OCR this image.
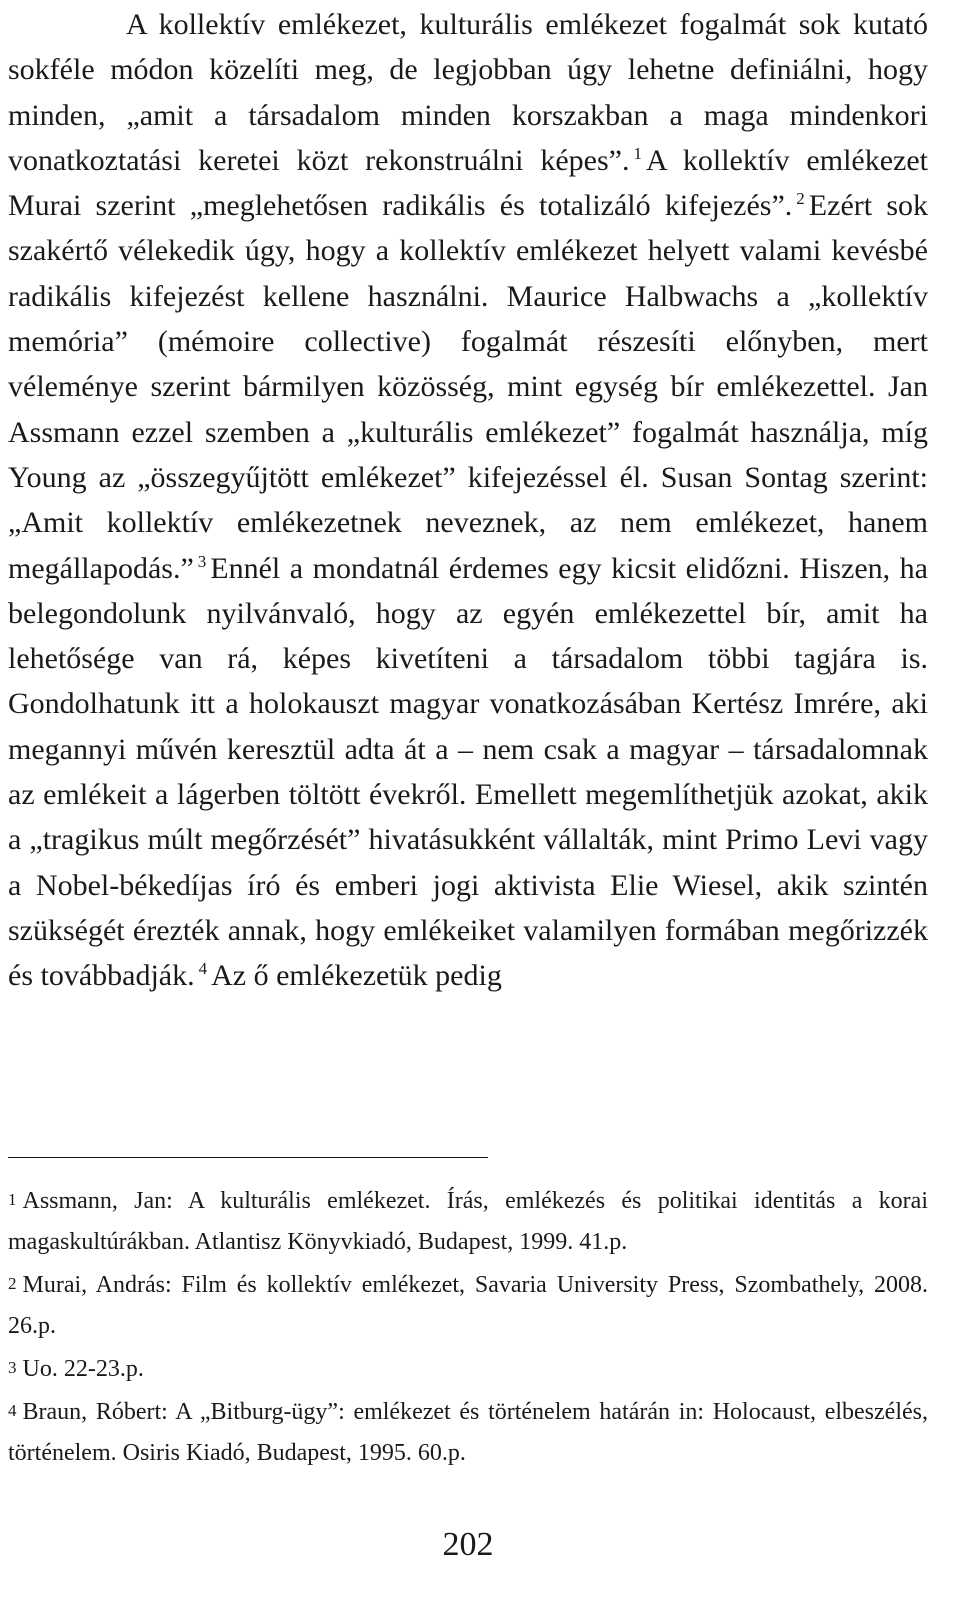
A kollektív emlékezet, kulturális emlékezet fogalmát sok kutató sokféle módon közelíti meg, de legjobban úgy lehetne definiálni, hogy minden, „amit a társadalom minden korszakban a maga mindenkori vonatkoztatási keretei közt rekonstruálni képes”. $^1$ A kollektív emlékezet Murai szerint „meglehetősen radikális és totalizáló kifejezés”. $^2$ Ezért sok szakértő vélekedik úgy, hogy a kollektív emlékezet helyett valami kevésbé radikális kifejezést kellene használni. Maurice Halbwachs a „kollektív memória” (mémoire collective) fogalmát részesíti előnyben, mert véleménye szerint bármilyen közösség, mint egység bír emlékezettel. Jan Assmann ezzel szemben a „kulturális emlékezet” fogalmát használja, míg Young az „összegyűjtött emlékezet” kifejezéssel él. Susan Sontag szerint: „Amit kollektív emlékezetnek neveznek, az nem emlékezet, hanem megállapodás.” $^3$ Ennél a mondatnál érdemes egy kicsit elidőzni. Hiszen, ha belegondolunk nyilvánvaló, hogy az egyén emlékezettel bír, amit ha lehetősége van rá, képes kivetíteni a társadalom többi tagjára is. Gondolhatunk itt a holokauszt magyar vonatkozásában Kertész Imrére, aki megannyi művén keresztül adta át a – nem csak a magyar – társadalomnak az emlékeit a lágerben töltött évekről. Emellett megemlíthetjük azokat, akik a „tragikus múlt megőrzését” hivatásukként vállalták, mint Primo Levi vagy a Nobel-békedíjas író és emberi jogi aktivista Elie Wiesel, akik szintén szükségét érezték annak, hogy emlékeiket valamilyen formában megőrizzék és továbbadják. $^4$ Az ő emlékezetük pedig

1 Assmann, Jan: A kulturális emlékezet. Írás, emlékezés és politikai identitás a korai magaskultúrákban. Atlantisz Könyvkiadó, Budapest, 1999. 41.p.

2 Murai, András: Film és kollektív emlékezet, Savaria University Press, Szombathely, 2008. 26.p.

3 Uo. 22-23.p.

4 Braun, Róbert: A „Bitburg-ügy”: emlékezet és történelem határán in: Holocaust, elbeszélés, történelem. Osiris Kiadó, Budapest, 1995. 60.p.

202
